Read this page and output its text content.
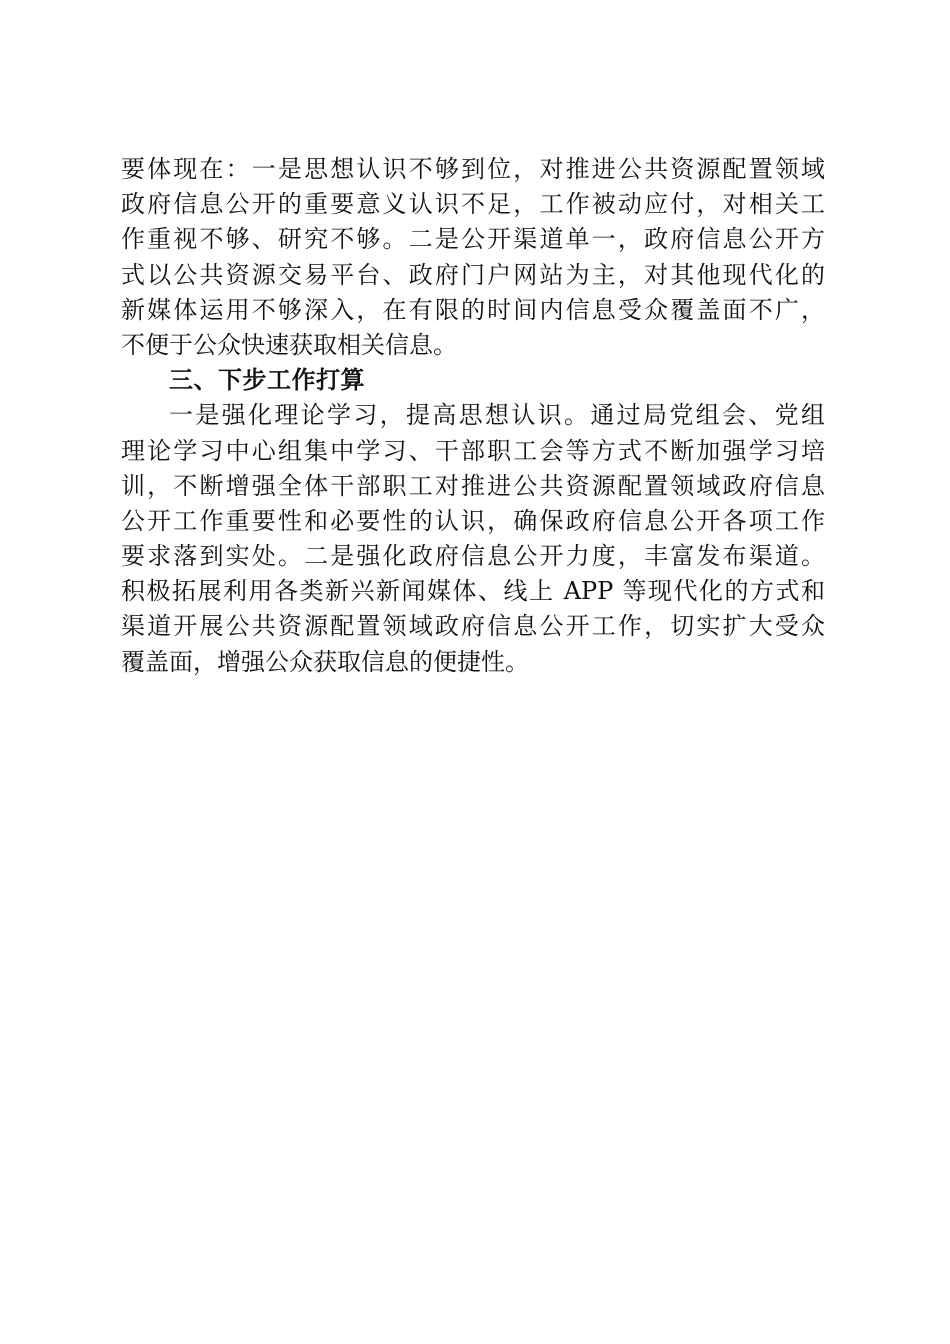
要体现在：一是思想认识不够到位，对推进公共资源配置领域
政府信息公开的重要意义认识不足，工作被动应付，对相关工
作重视不够、研究不够。二是公开渠道单一，政府信息公开方
式以公共资源交易平台、政府门户网站为主，对其他现代化的
新媒体运用不够深入，在有限的时间内信息受众覆盖面不广，
不便于公众快速获取相关信息。
三、下步工作打算
一是强化理论学习，提高思想认识。通过局党组会、党组
理论学习中心组集中学习、干部职工会等方式不断加强学习培
训，不断增强全体干部职工对推进公共资源配置领域政府信息
公开工作重要性和必要性的认识，确保政府信息公开各项工作
要求落到实处。二是强化政府信息公开力度，丰富发布渠道。
积极拓展利用各类新兴新闻媒体、线上 APP 等现代化的方式和
渠道开展公共资源配置领域政府信息公开工作，切实扩大受众
覆盖面，增强公众获取信息的便捷性。
